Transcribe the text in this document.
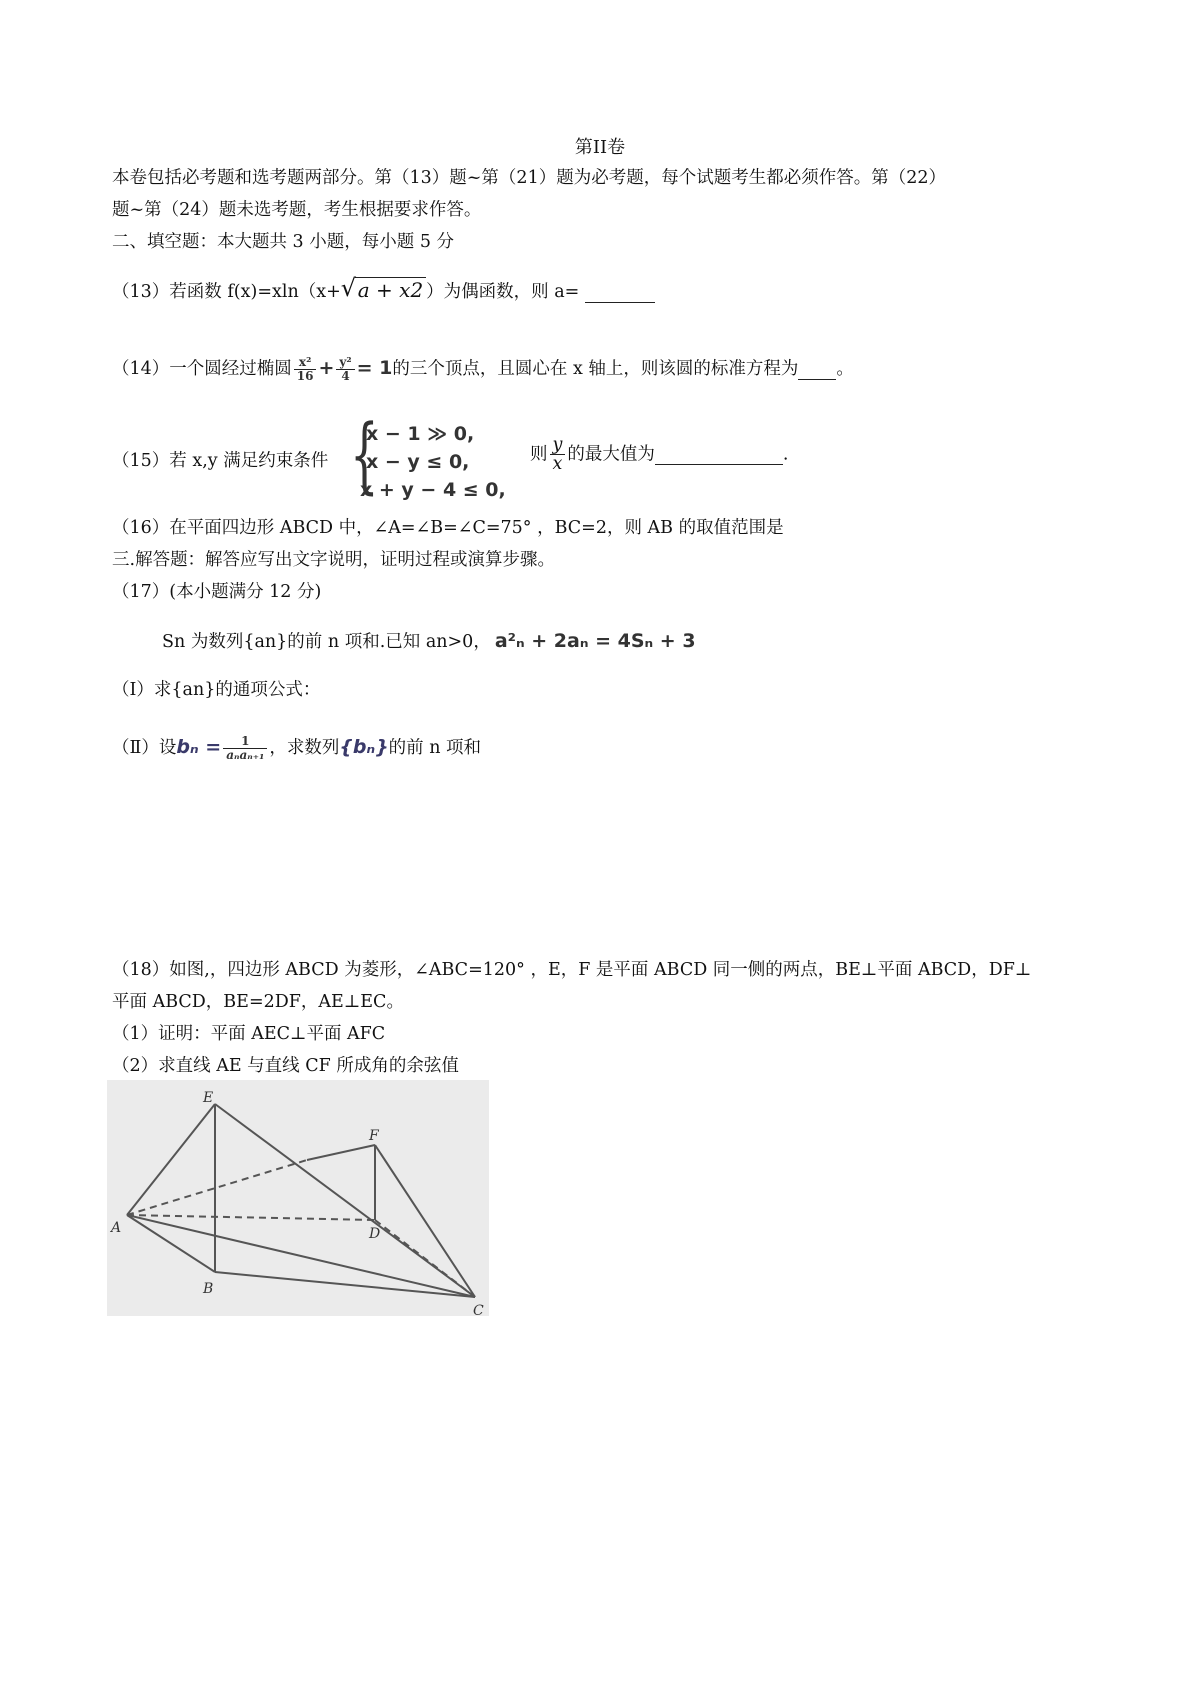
第II卷
本卷包括必考题和选考题两部分。第（13）题~第（21）题为必考题，每个试题考生都必须作答。第（22）
题~第（24）题未选考题，考生根据要求作答。
二、填空题：本大题共 3 小题，每小题 5 分
（13）若函数 f(x)=xln（x+ √ a + x2 ）为偶函数，则 a=
（14）一个圆经过椭圆 $\frac{\text{x²}}{16} + \frac{\text{y²}}{4} = 1$的三个顶点，且圆心在 x 轴上，则该圆的标准方程为 。
（15）若 x,y 满足约束条件 {
x − 1 ≫ 0,
x − y ≤ 0,
x + y − 4 ≤ 0,
则 $\frac{y}{x}$ 的最大值为	.
（16）在平面四边形 ABCD 中，∠A=∠B=∠C=75° ，BC=2，则 AB 的取值范围是
三.解答题：解答应写出文字说明，证明过程或演算步骤。
（17）(本小题满分 12 分)
Sn 为数列{an}的前 n 项和.已知 an>0， a²ₙ + 2aₙ = 4Sₙ + 3
（Ⅰ）求{an}的通项公式：
（Ⅱ）设$b_n = \frac{1}{\text{aₙaₙ₊₁}}$ ，求数列{bₙ}的前 n 项和
（18）如图,，四边形 ABCD 为菱形，∠ABC=120° ，E，F 是平面 ABCD 同一侧的两点，BE⊥平面 ABCD，DF⊥
平面 ABCD，BE=2DF，AE⊥EC。
（1）证明：平面 AEC⊥平面 AFC
（2）求直线 AE 与直线 CF 所成角的余弦值
E
F
A	D
B
C
